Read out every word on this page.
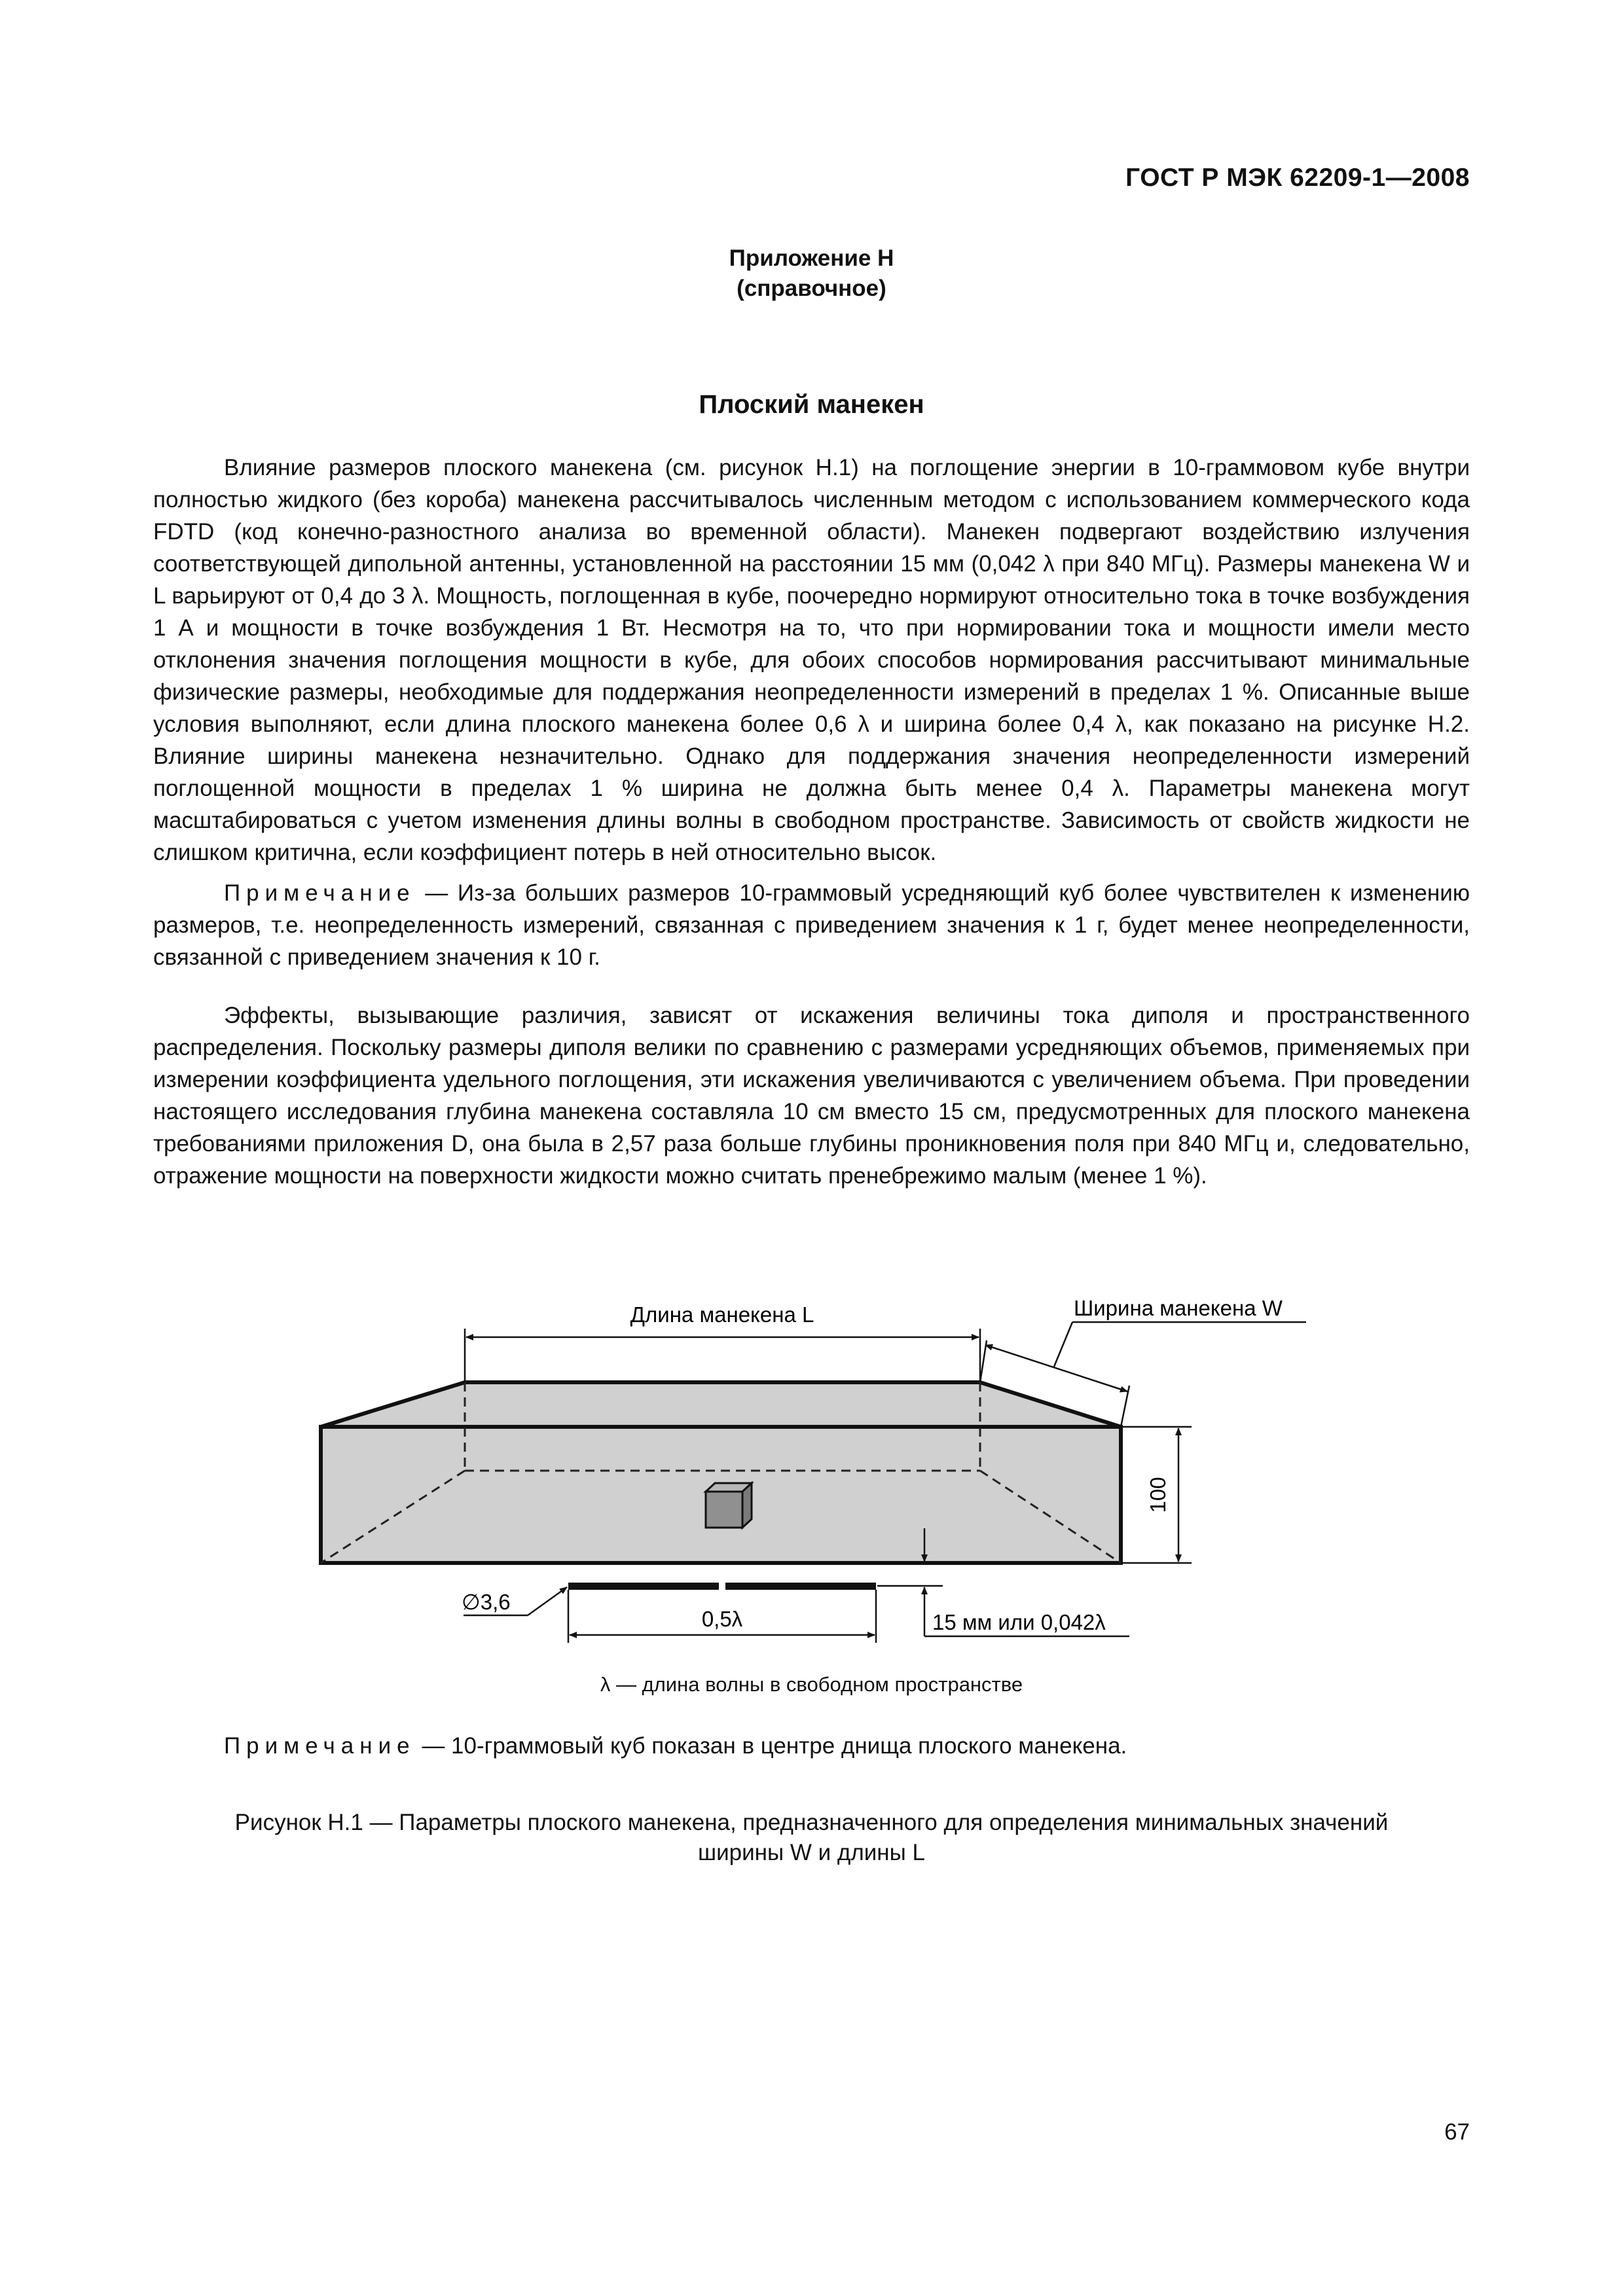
ГОСТ Р МЭК 62209-1—2008
Приложение Н
(справочное)
Плоский манекен

Влияние размеров плоского манекена (см. рисунок Н.1) на поглощение энергии в 10-граммовом кубе внутри полностью жидкого (без короба) манекена рассчитывалось численным методом с использованием коммерческого кода FDTD (код конечно-разностного анализа во временной области). Манекен подвергают воздействию излучения соответствующей дипольной антенны, установленной на расстоянии 15 мм (0,042 λ при 840 МГц). Размеры манекена W и L варьируют от 0,4 до 3 λ. Мощность, поглощенная в кубе, поочередно нормируют относительно тока в точке возбуждения 1 А и мощности в точке возбуждения 1 Вт. Несмотря на то, что при нормировании тока и мощности имели место отклонения значения поглощения мощности в кубе, для обоих способов нормирования рассчитывают минимальные физические размеры, необходимые для поддержания неопределенности измерений в пределах 1 %. Описанные выше условия выполняют, если длина плоского манекена более 0,6 λ и ширина более 0,4 λ, как показано на рисунке Н.2. Влияние ширины манекена незначительно. Однако для поддержания значения неопределенности измерений поглощенной мощности в пределах 1 % ширина не должна быть менее 0,4 λ. Параметры манекена могут масштабироваться с учетом изменения длины волны в свободном пространстве. Зависимость от свойств жидкости не слишком критична, если коэффициент потерь в ней относительно высок.

Примечание — Из-за больших размеров 10-граммовый усредняющий куб более чувствителен к изменению размеров, т.е. неопределенность измерений, связанная с приведением значения к 1 г, будет менее неопределенности, связанной с приведением значения к 10 г.

Эффекты, вызывающие различия, зависят от искажения величины тока диполя и пространственного распределения. Поскольку размеры диполя велики по сравнению с размерами усредняющих объемов, применяемых при измерении коэффициента удельного поглощения, эти искажения увеличиваются с увеличением объема. При проведении настоящего исследования глубина манекена составляла 10 см вместо 15 см, предусмотренных для плоского манекена требованиями приложения D, она была в 2,57 раза больше глубины проникновения поля при 840 МГц и, следовательно, отражение мощности на поверхности жидкости можно считать пренебрежимо малым (менее 1 %).

Длина манекена L	Ширина манекена W
100
∅3,6
0,5λ	15 мм или 0,042λ
λ — длина волны в свободном пространстве
Примечание — 10-граммовый куб показан в центре днища плоского манекена.
Рисунок Н.1 — Параметры плоского манекена, предназначенного для определения минимальных значений
ширины W и длины L
67
